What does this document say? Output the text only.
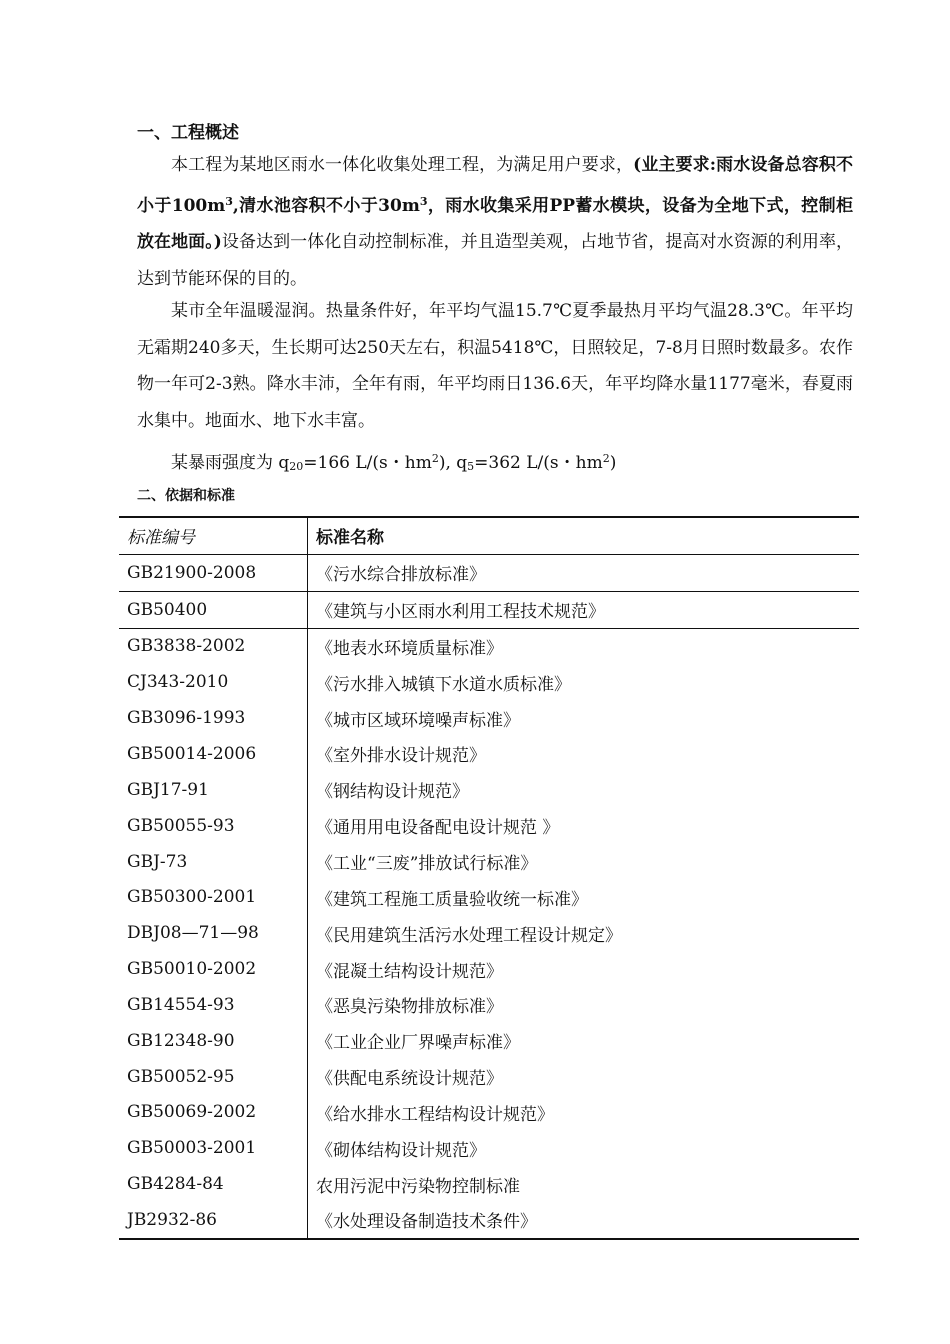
一、工程概述

本工程为某地区雨水一体化收集处理工程，为满足用户要求，(业主要求:雨水设备总容积不小于$100m^3$,清水池容积不小于$30m^3$，雨水收集采用PP蓄水模块，设备为全地下式，控制柜放在地面。)设备达到一体化自动控制标准，并且造型美观，占地节省，提高对水资源的利用率，达到节能环保的目的。

某市全年温暖湿润。热量条件好，年平均气温15.7℃夏季最热月平均气温28.3℃。年平均无霜期240多天，生长期可达250天左右，积温5418℃，日照较足，7-8月日照时数最多。农作物一年可2-3熟。降水丰沛，全年有雨，年平均雨日136.6天，年平均降水量1177毫米，春夏雨水集中。地面水、地下水丰富。

某暴雨强度为 q20=166 L/(s・$hm^2$), q5=362 L/(s・$hm^2$)

二、依据和标准
标准编号	标准名称
GB21900-2008	《污水综合排放标准》
GB50400	《建筑与小区雨水利用工程技术规范》
GB3838-2002	《地表水环境质量标准》
CJ343-2010	《污水排入城镇下水道水质标准》
GB3096-1993	《城市区域环境噪声标准》
GB50014-2006	《室外排水设计规范》
GBJ17-91	《钢结构设计规范》
GB50055-93	《通用用电设备配电设计规范 》
GBJ-73	《工业“三废”排放试行标准》
GB50300-2001	《建筑工程施工质量验收统一标准》
DBJ08—71—98	《民用建筑生活污水处理工程设计规定》
GB50010-2002	《混凝土结构设计规范》
GB14554-93	《恶臭污染物排放标准》
GB12348-90	《工业企业厂界噪声标准》
GB50052-95	《供配电系统设计规范》
GB50069-2002	《给水排水工程结构设计规范》
GB50003-2001	《砌体结构设计规范》
GB4284-84	农用污泥中污染物控制标准
JB2932-86	《水处理设备制造技术条件》
